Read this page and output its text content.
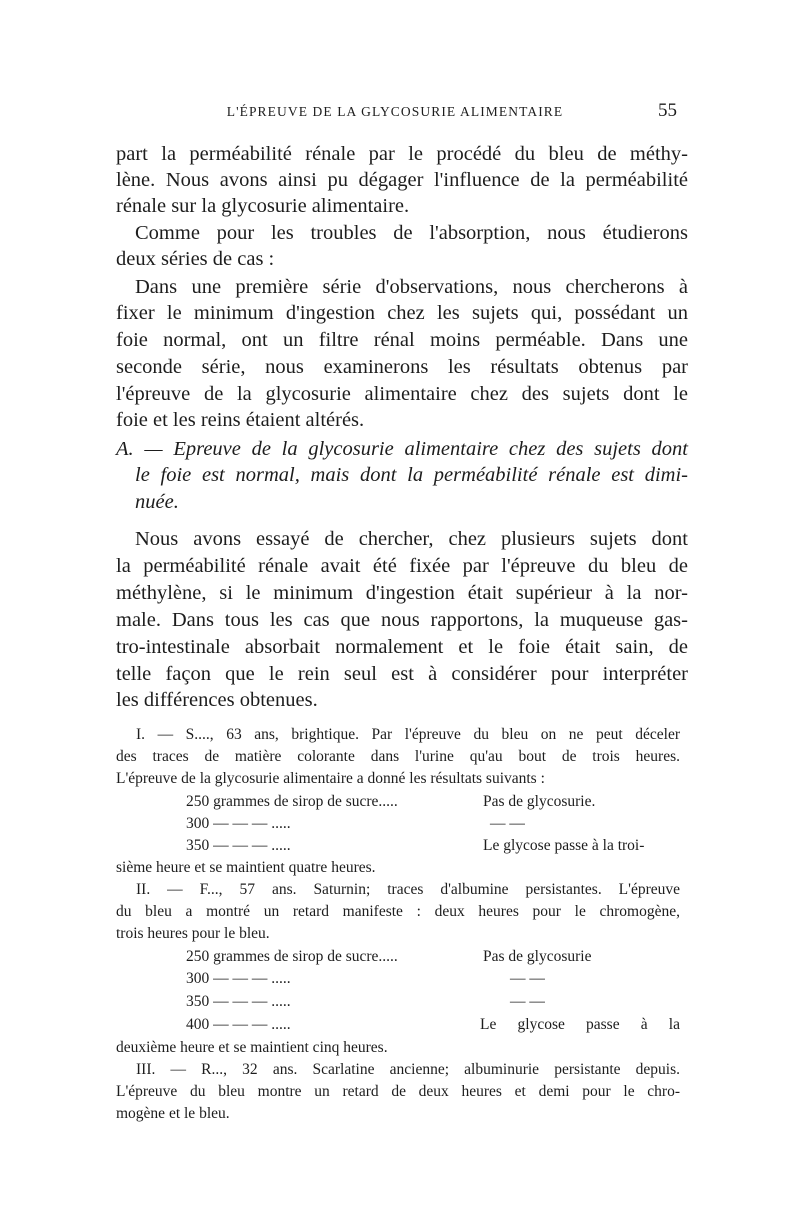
L'ÉPREUVE DE LA GLYCOSURIE ALIMENTAIRE	55
part la perméabilité rénale par le procédé du bleu de méthy-
lène. Nous avons ainsi pu dégager l'influence de la perméabilité
rénale sur la glycosurie alimentaire.
Comme pour les troubles de l'absorption, nous étudierons
deux séries de cas :
Dans une première série d'observations, nous chercherons à
fixer le minimum d'ingestion chez les sujets qui, possédant un
foie normal, ont un filtre rénal moins perméable. Dans une
seconde série, nous examinerons les résultats obtenus par
l'épreuve de la glycosurie alimentaire chez des sujets dont le
foie et les reins étaient altérés.
A. — Epreuve de la glycosurie alimentaire chez des sujets dont
le foie est normal, mais dont la perméabilité rénale est dimi-
nuée.
Nous avons essayé de chercher, chez plusieurs sujets dont
la perméabilité rénale avait été fixée par l'épreuve du bleu de
méthylène, si le minimum d'ingestion était supérieur à la nor-
male. Dans tous les cas que nous rapportons, la muqueuse gas-
tro-intestinale absorbait normalement et le foie était sain, de
telle façon que le rein seul est à considérer pour interpréter
les différences obtenues.
I. — S...., 63 ans, brightique. Par l'épreuve du bleu on ne peut déceler
des traces de matière colorante dans l'urine qu'au bout de trois heures.
L'épreuve de la glycosurie alimentaire a donné les résultats suivants :
250 grammes de sirop de sucre.....	Pas de glycosurie.
300 — — — .....	— —
350 — — — .....	Le glycose passe à la troi-
sième heure et se maintient quatre heures.
II. — F..., 57 ans. Saturnin; traces d'albumine persistantes. L'épreuve
du bleu a montré un retard manifeste : deux heures pour le chromogène,
trois heures pour le bleu.
250 grammes de sirop de sucre.....	Pas de glycosurie
300 — — — .....	— —
350 — — — .....	— —
400 — — — .....	Le glycose passe à la
deuxième heure et se maintient cinq heures.
III. — R..., 32 ans. Scarlatine ancienne; albuminurie persistante depuis.
L'épreuve du bleu montre un retard de deux heures et demi pour le chro-
mogène et le bleu.
